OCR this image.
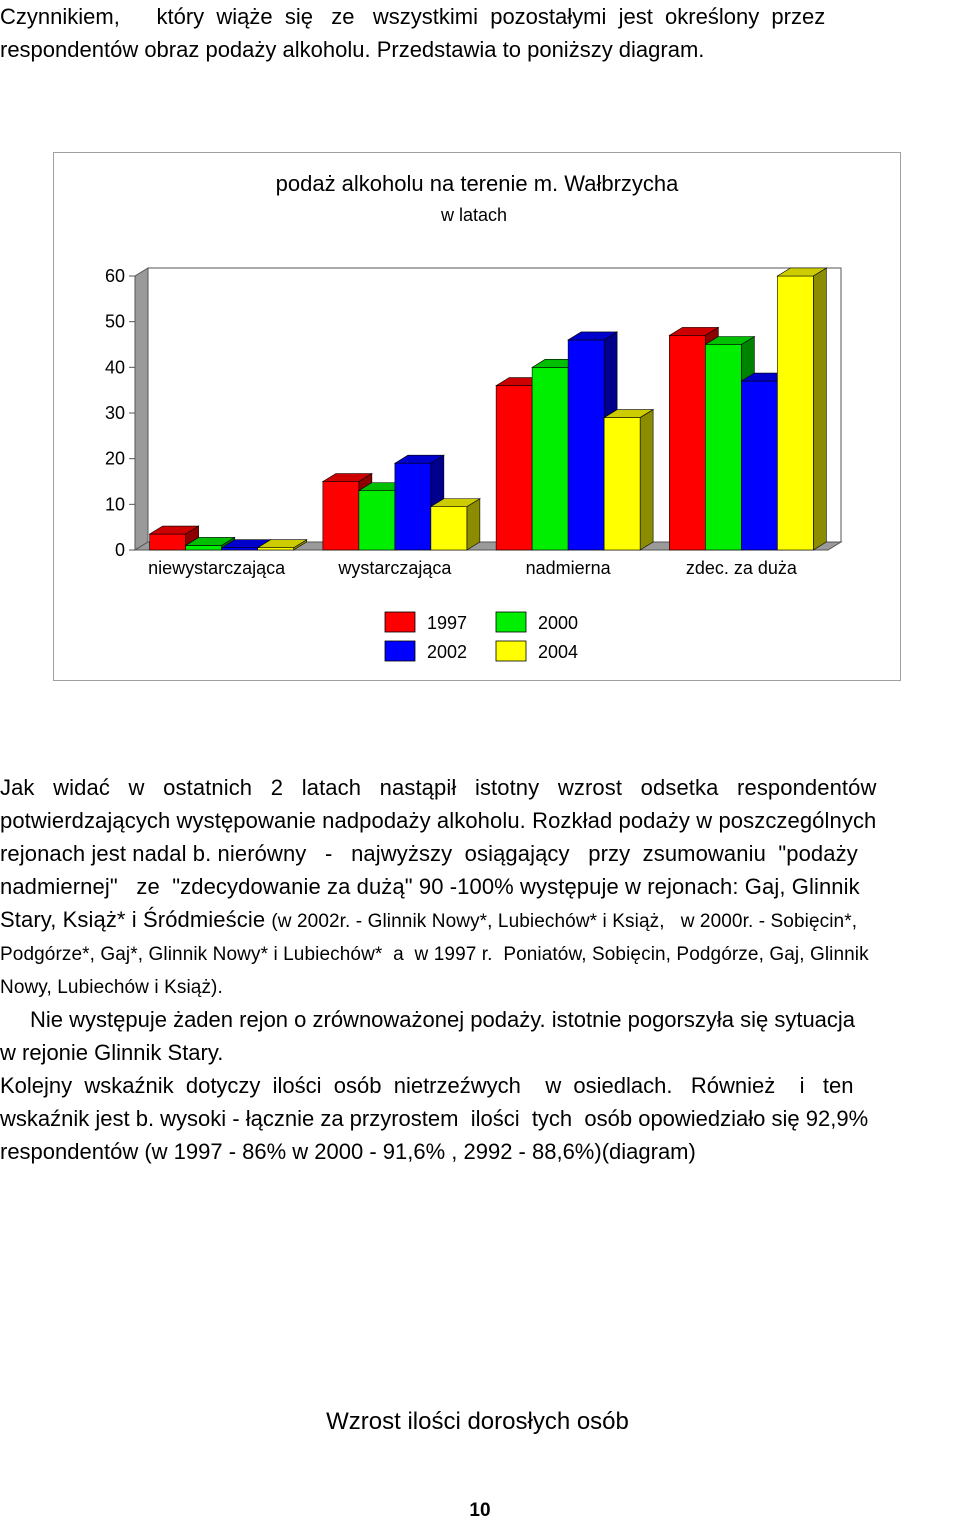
Czynnikiem,      który  wiąże  się   ze   wszystkimi  pozostałymi  jest  określony  przez
respondentów obraz podaży alkoholu. Przedstawia to poniższy diagram.
podaż alkoholu na terenie m. Wałbrzycha
w latach
0
10
20
30
40
50
60
niewystarczająca	wystarczająca	nadmierna	zdec. za duża
1997	2000
2002	2004
Jak   widać   w   ostatnich   2   latach   nastąpił   istotny   wzrost   odsetka   respondentów
potwierdzających występowanie nadpodaży alkoholu. Rozkład podaży w poszczególnych
rejonach jest nadal b. nierówny   -   najwyższy  osiągający   przy  zsumowaniu  "podaży
nadmiernej"   ze  "zdecydowanie za dużą" 90 -100% występuje w rejonach: Gaj, Glinnik
Stary, Książ* i Śródmieście (w 2002r. - Glinnik Nowy*, Lubiechów* i Książ,   w 2000r. - Sobięcin*,
Podgórze*, Gaj*, Glinnik Nowy* i Lubiechów*  a  w 1997 r.  Poniatów, Sobięcin, Podgórze, Gaj, Glinnik
Nowy, Lubiechów i Książ).
Nie występuje żaden rejon o zrównoważonej podaży. istotnie pogorszyła się sytuacja
w rejonie Glinnik Stary.
Kolejny  wskaźnik  dotyczy  ilości  osób  nietrzeźwych    w  osiedlach.   Również    i   ten
wskaźnik jest b. wysoki - łącznie za przyrostem  ilości  tych  osób opowiedziało się 92,9%
respondentów (w 1997 - 86% w 2000 - 91,6% , 2992 - 88,6%)(diagram)
Wzrost ilości dorosłych osób
10
